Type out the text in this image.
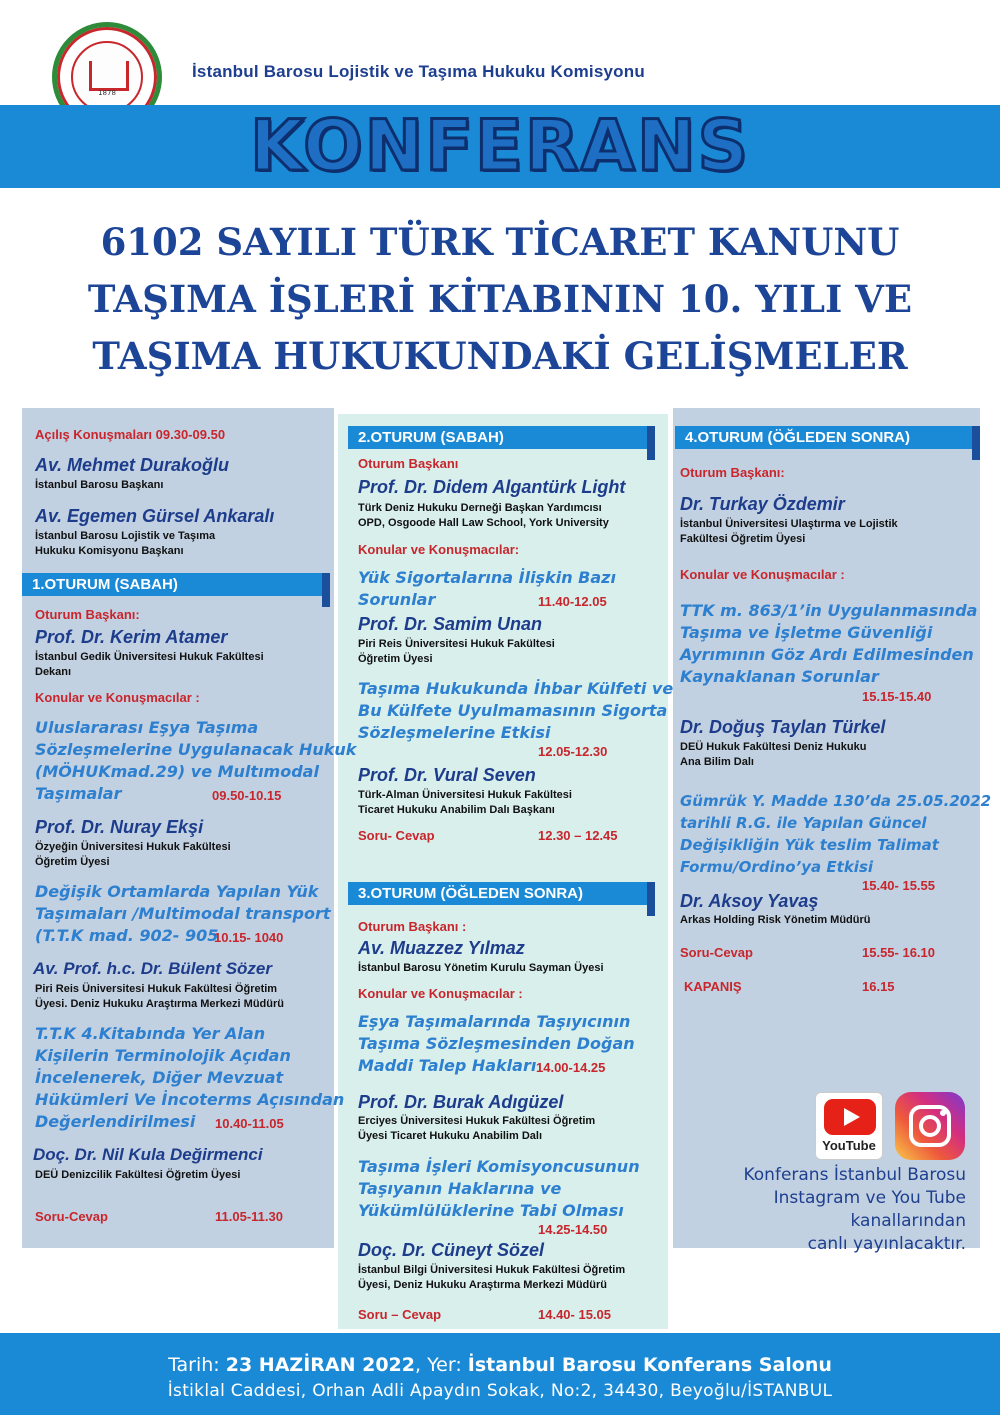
1878
İstanbul Barosu Lojistik ve Taşıma Hukuku Komisyonu
KONFERANS
6102 SAYILI TÜRK TİCARET KANUNU
TAŞIMA İŞLERİ KİTABININ 10. YILI VE
TAŞIMA HUKUKUNDAKİ GELİŞMELER
Açılış Konuşmaları 09.30-09.50
Av. Mehmet Durakoğlu
İstanbul Barosu Başkanı
Av. Egemen Gürsel Ankaralı
İstanbul Barosu Lojistik ve Taşıma
Hukuku Komisyonu Başkanı
1.OTURUM (SABAH)
Oturum Başkanı:
Prof. Dr. Kerim Atamer
İstanbul Gedik Üniversitesi Hukuk Fakültesi
Dekanı
Konular ve Konuşmacılar :
Uluslararası Eşya Taşıma
Sözleşmelerine Uygulanacak Hukuk
(MÖHUKmad.29) ve Multımodal
Taşımalar	09.50-10.15
Prof. Dr. Nuray Ekşi
Özyeğin Üniversitesi Hukuk Fakültesi
Öğretim Üyesi
Değişik Ortamlarda Yapılan Yük
Taşımaları /Multimodal transport
(T.T.K mad. 902- 905
10.15- 1040
Av. Prof. h.c. Dr. Bülent Sözer
Piri Reis Üniversitesi Hukuk Fakültesi Öğretim
Üyesi. Deniz Hukuku Araştırma Merkezi Müdürü
T.T.K 4.Kitabında Yer Alan
Kişilerin Terminolojik Açıdan
İncelenerek, Diğer Mevzuat
Hükümleri Ve İncoterms Açısından
Değerlendirilmesi	10.40-11.05
Doç. Dr. Nil Kula Değirmenci
DEÜ Denizcilik Fakültesi Öğretim Üyesi
Soru-Cevap	11.05-11.30
2.OTURUM (SABAH)
Oturum Başkanı
Prof. Dr. Didem Algantürk Light
Türk Deniz Hukuku Derneği Başkan Yardımcısı
OPD, Osgoode Hall Law School, York University
Konular ve Konuşmacılar:
Yük Sigortalarına İlişkin Bazı
Sorunlar	11.40-12.05
Prof. Dr. Samim Unan
Piri Reis Üniversitesi Hukuk Fakültesi
Öğretim Üyesi
Taşıma Hukukunda İhbar Külfeti ve
Bu Külfete Uyulmamasının Sigorta
Sözleşmelerine Etkisi
12.05-12.30
Prof. Dr. Vural Seven
Türk-Alman Üniversitesi Hukuk Fakültesi
Ticaret Hukuku Anabilim Dalı Başkanı
Soru- Cevap	12.30 – 12.45
3.OTURUM (ÖĞLEDEN SONRA)
Oturum Başkanı :
Av. Muazzez Yılmaz
İstanbul Barosu Yönetim Kurulu Sayman Üyesi
Konular ve Konuşmacılar :
Eşya Taşımalarında Taşıyıcının
Taşıma Sözleşmesinden Doğan
Maddi Talep Hakları 14.00-14.25
Prof. Dr. Burak Adıgüzel
Erciyes Üniversitesi Hukuk Fakültesi Öğretim
Üyesi Ticaret Hukuku Anabilim Dalı
Taşıma İşleri Komisyoncusunun
Taşıyanın Haklarına ve
Yükümlülüklerine Tabi Olması
14.25-14.50
Doç. Dr. Cüneyt Sözel
İstanbul Bilgi Üniversitesi Hukuk Fakültesi Öğretim
Üyesi, Deniz Hukuku Araştırma Merkezi Müdürü
Soru – Cevap	14.40- 15.05
4.OTURUM (ÖĞLEDEN SONRA)
Oturum Başkanı:
Dr. Turkay Özdemir
İstanbul Üniversitesi Ulaştırma ve Lojistik
Fakültesi Öğretim Üyesi
Konular ve Konuşmacılar :
TTK m. 863/1’in Uygulanmasında
Taşıma ve İşletme Güvenliği
Ayrımının Göz Ardı Edilmesinden
Kaynaklanan Sorunlar
15.15-15.40
Dr. Doğuş Taylan Türkel
DEÜ Hukuk Fakültesi Deniz Hukuku
Ana Bilim Dalı
Gümrük Y. Madde 130’da 25.05.2022
tarihli R.G. ile Yapılan Güncel
Değişikliğin Yük teslim Talimat
Formu/Ordino’ya Etkisi
15.40- 15.55
Dr. Aksoy Yavaş
Arkas Holding Risk Yönetim Müdürü
Soru-Cevap	15.55- 16.10
KAPANIŞ	16.15
YouTube
Konferans İstanbul Barosu
Instagram ve You Tube
kanallarından
canlı yayınlacaktır.
Tarih: 23 HAZİRAN 2022, Yer: İstanbul Barosu Konferans Salonu
İstiklal Caddesi, Orhan Adli Apaydın Sokak, No:2, 34430, Beyoğlu/İSTANBUL
